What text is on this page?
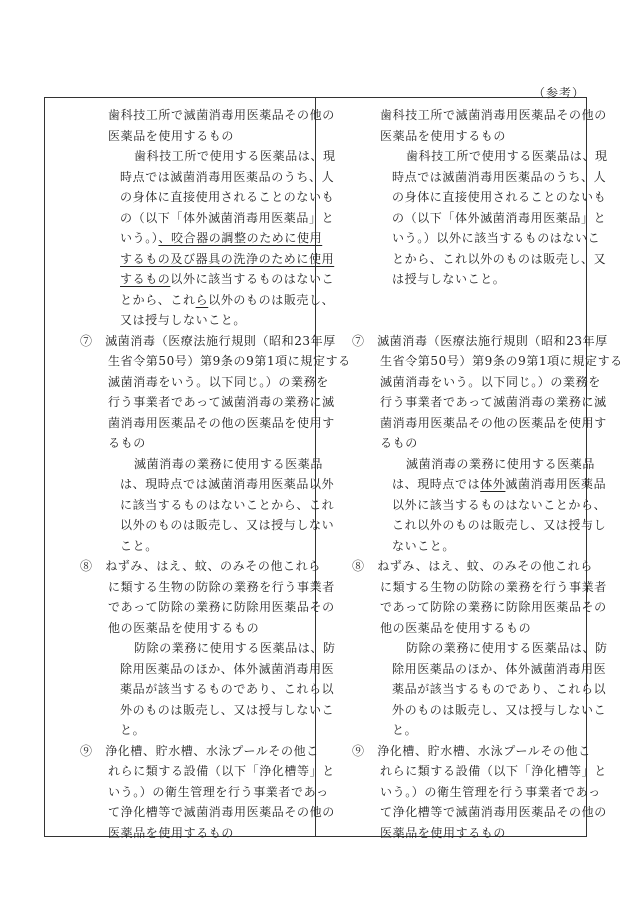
（参考）
歯科技工所で滅菌消毒用医薬品その他の
医薬品を使用するもの
歯科技工所で使用する医薬品は、現
時点では滅菌消毒用医薬品のうち、人
の身体に直接使用されることのないも
の（以下「体外滅菌消毒用医薬品」と
いう。）、咬合器の調整のために使用
するもの及び器具の洗浄のために使用
するもの以外に該当するものはないこ
とから、これら以外のものは販売し、
又は授与しないこと。
⑦　滅菌消毒（医療法施行規則（昭和23年厚
生省令第50号）第9条の9第1項に規定する
滅菌消毒をいう。以下同じ。）の業務を
行う事業者であって滅菌消毒の業務に滅
菌消毒用医薬品その他の医薬品を使用す
るもの
滅菌消毒の業務に使用する医薬品
は、現時点では滅菌消毒用医薬品以外
に該当するものはないことから、これ
以外のものは販売し、又は授与しない
こと。
⑧　ねずみ、はえ、蚊、のみその他これら
に類する生物の防除の業務を行う事業者
であって防除の業務に防除用医薬品その
他の医薬品を使用するもの
防除の業務に使用する医薬品は、防
除用医薬品のほか、体外滅菌消毒用医
薬品が該当するものであり、これら以
外のものは販売し、又は授与しないこ
と。
⑨　浄化槽、貯水槽、水泳プールその他こ
れらに類する設備（以下「浄化槽等」と
いう。）の衛生管理を行う事業者であっ
て浄化槽等で滅菌消毒用医薬品その他の
医薬品を使用するもの
歯科技工所で滅菌消毒用医薬品その他の
医薬品を使用するもの
歯科技工所で使用する医薬品は、現
時点では滅菌消毒用医薬品のうち、人
の身体に直接使用されることのないも
の（以下「体外滅菌消毒用医薬品」と
いう。）以外に該当するものはないこ
とから、これ以外のものは販売し、又
は授与しないこと。
⑦　滅菌消毒（医療法施行規則（昭和23年厚
生省令第50号）第9条の9第1項に規定する
滅菌消毒をいう。以下同じ。）の業務を
行う事業者であって滅菌消毒の業務に滅
菌消毒用医薬品その他の医薬品を使用す
るもの
滅菌消毒の業務に使用する医薬品
は、現時点では体外滅菌消毒用医薬品
以外に該当するものはないことから、
これ以外のものは販売し、又は授与し
ないこと。
⑧　ねずみ、はえ、蚊、のみその他これら
に類する生物の防除の業務を行う事業者
であって防除の業務に防除用医薬品その
他の医薬品を使用するもの
防除の業務に使用する医薬品は、防
除用医薬品のほか、体外滅菌消毒用医
薬品が該当するものであり、これら以
外のものは販売し、又は授与しないこ
と。
⑨　浄化槽、貯水槽、水泳プールその他こ
れらに類する設備（以下「浄化槽等」と
いう。）の衛生管理を行う事業者であっ
て浄化槽等で滅菌消毒用医薬品その他の
医薬品を使用するもの
